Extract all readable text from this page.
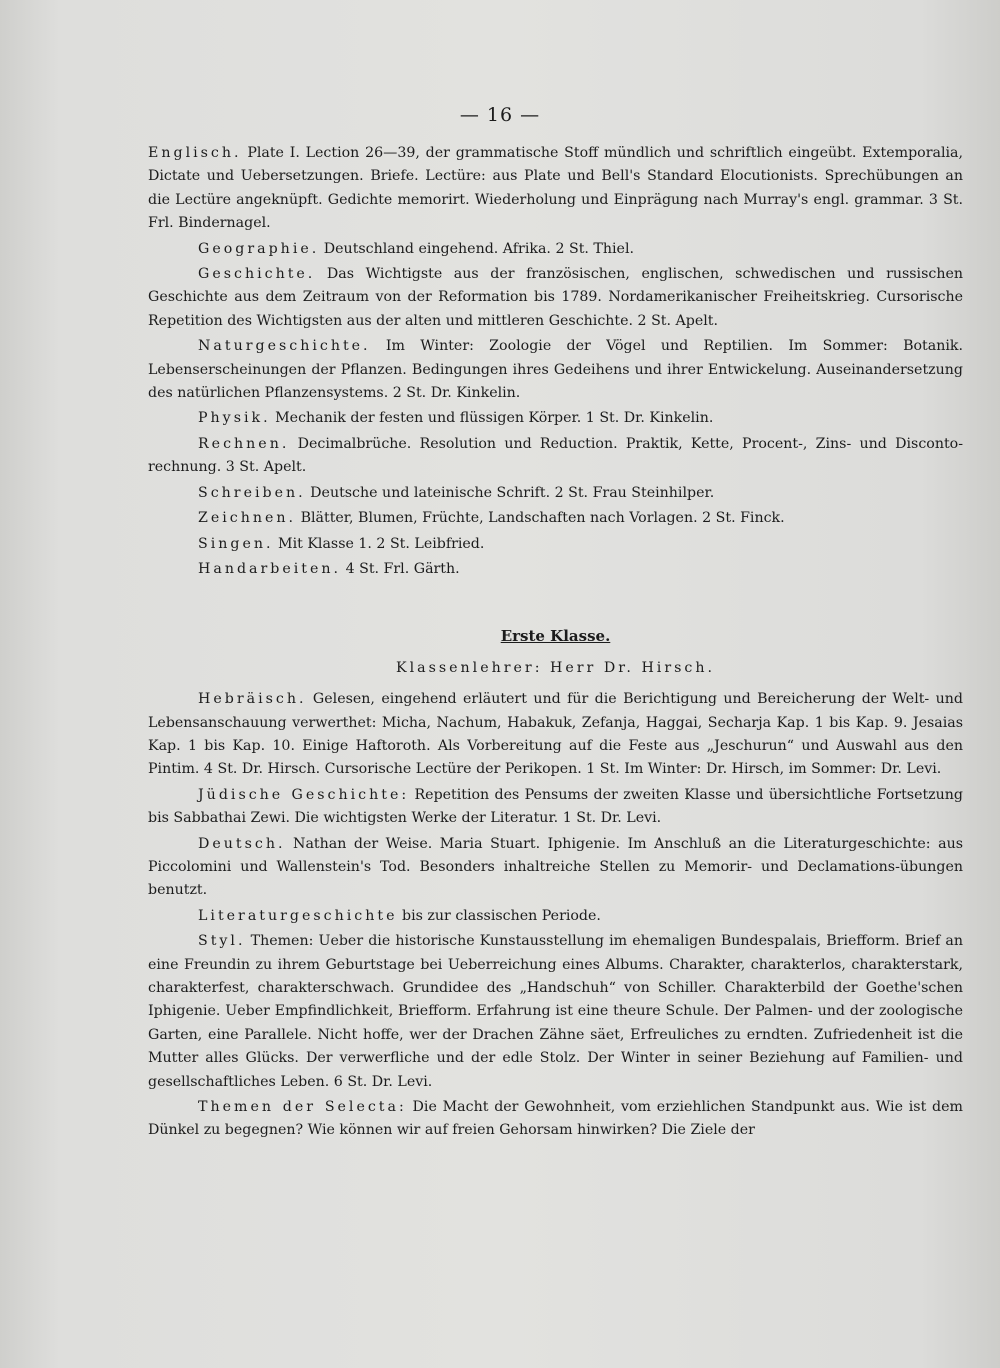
— 16 —

Englisch. Plate I. Lection 26—39, der grammatische Stoff mündlich und schriftlich eingeübt. Extemporalia, Dictate und Uebersetzungen. Briefe. Lectüre: aus Plate und Bell's Standard Elocutionists. Sprechübungen an die Lectüre angeknüpft. Gedichte memorirt. Wiederholung und Einprägung nach Murray's engl. grammar. 3 St. Frl. Bindernagel.

Geographie. Deutschland eingehend. Afrika. 2 St. Thiel.

Geschichte. Das Wichtigste aus der französischen, englischen, schwedischen und russischen Geschichte aus dem Zeitraum von der Reformation bis 1789. Nordamerikanischer Freiheitskrieg. Cursorische Repetition des Wichtigsten aus der alten und mittleren Geschichte. 2 St. Apelt.

Naturgeschichte. Im Winter: Zoologie der Vögel und Reptilien. Im Sommer: Botanik. Lebenserscheinungen der Pflanzen. Bedingungen ihres Gedeihens und ihrer Entwickelung. Auseinandersetzung des natürlichen Pflanzensystems. 2 St. Dr. Kinkelin.

Physik. Mechanik der festen und flüssigen Körper. 1 St. Dr. Kinkelin.

Rechnen. Decimalbrüche. Resolution und Reduction. Praktik, Kette, Procent-, Zins- und Disconto-rechnung. 3 St. Apelt.

Schreiben. Deutsche und lateinische Schrift. 2 St. Frau Steinhilper.

Zeichnen. Blätter, Blumen, Früchte, Landschaften nach Vorlagen. 2 St. Finck.

Singen. Mit Klasse 1. 2 St. Leibfried.

Handarbeiten. 4 St. Frl. Gärth.

Erste Klasse.
Klassenlehrer: Herr Dr. Hirsch.

Hebräisch. Gelesen, eingehend erläutert und für die Berichtigung und Bereicherung der Welt- und Lebensanschauung verwerthet: Micha, Nachum, Habakuk, Zefanja, Haggai, Secharja Kap. 1 bis Kap. 9. Jesaias Kap. 1 bis Kap. 10. Einige Haftoroth. Als Vorbereitung auf die Feste aus „Jeschurun“ und Auswahl aus den Pintim. 4 St. Dr. Hirsch. Cursorische Lectüre der Perikopen. 1 St. Im Winter: Dr. Hirsch, im Sommer: Dr. Levi.

Jüdische Geschichte: Repetition des Pensums der zweiten Klasse und übersichtliche Fortsetzung bis Sabbathai Zewi. Die wichtigsten Werke der Literatur. 1 St. Dr. Levi.

Deutsch. Nathan der Weise. Maria Stuart. Iphigenie. Im Anschluß an die Literaturgeschichte: aus Piccolomini und Wallenstein's Tod. Besonders inhaltreiche Stellen zu Memorir- und Declamations-übungen benutzt.

Literaturgeschichte bis zur classischen Periode.

Styl. Themen: Ueber die historische Kunstausstellung im ehemaligen Bundespalais, Briefform. Brief an eine Freundin zu ihrem Geburtstage bei Ueberreichung eines Albums. Charakter, charakterlos, charakterstark, charakterfest, charakterschwach. Grundidee des „Handschuh“ von Schiller. Charakterbild der Goethe'schen Iphigenie. Ueber Empfindlichkeit, Briefform. Erfahrung ist eine theure Schule. Der Palmen- und der zoologische Garten, eine Parallele. Nicht hoffe, wer der Drachen Zähne säet, Erfreuliches zu erndten. Zufriedenheit ist die Mutter alles Glücks. Der verwerfliche und der edle Stolz. Der Winter in seiner Beziehung auf Familien- und gesellschaftliches Leben. 6 St. Dr. Levi.

Themen der Selecta: Die Macht der Gewohnheit, vom erziehlichen Standpunkt aus. Wie ist dem Dünkel zu begegnen? Wie können wir auf freien Gehorsam hinwirken? Die Ziele der
